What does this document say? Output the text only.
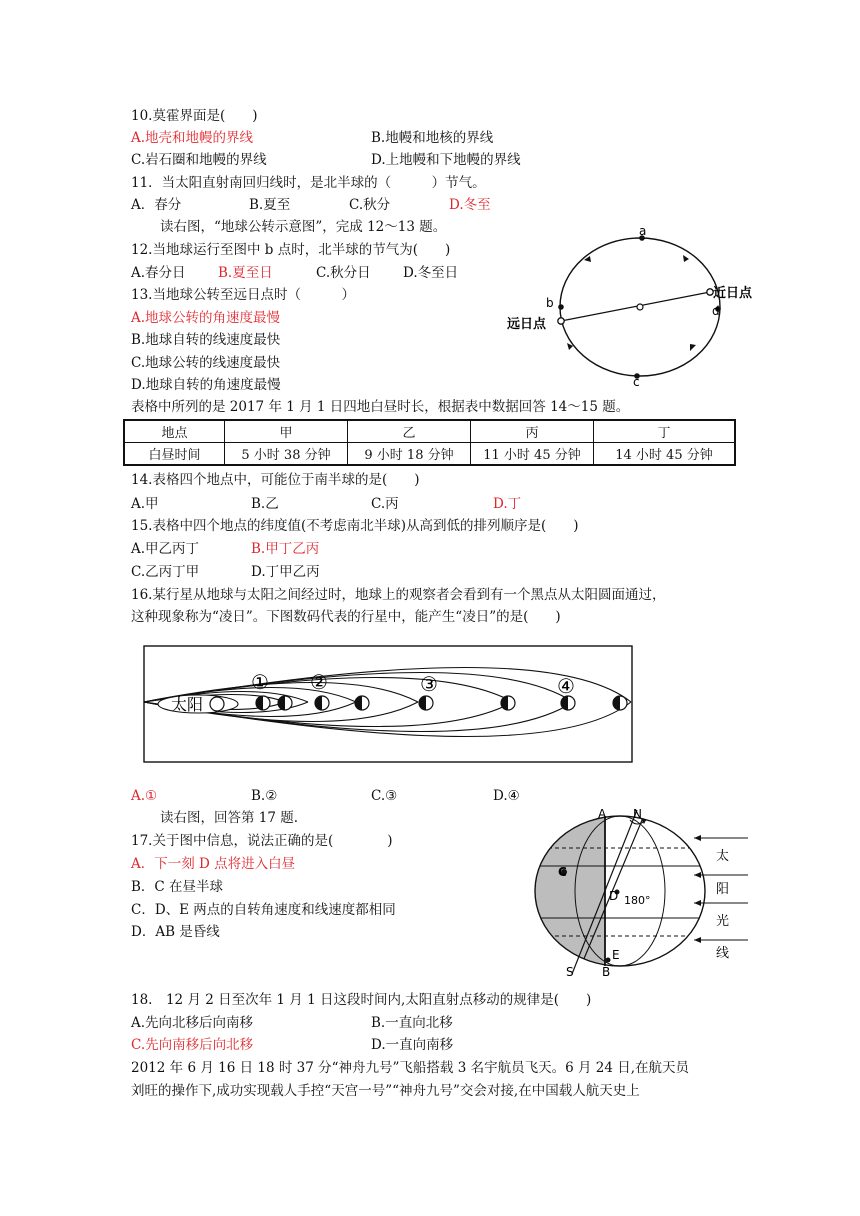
10.莫霍界面是(　　)
A.地壳和地幔的界线	B.地幔和地核的界线
C.岩石圈和地幔的界线	D.上地幔和下地幔的界线
11．当太阳直射南回归线时，是北半球的（　　　）节气。
A．春分	B.夏至	C.秋分	D.冬至
读右图，“地球公转示意图”，完成 12～13 题。
12.当地球运行至图中 b 点时，北半球的节气为(　　)
A.春分日 B.夏至日	C.秋分日 D.冬至日
13.当地球公转至远日点时（　　　）
A.地球公转的角速度最慢
B.地球自转的线速度最快
C.地球公转的线速度最快
D.地球自转的角速度最慢
a
b
d
c
近日点
远日点
表格中所列的是 2017 年 1 月 1 日四地白昼时长，根据表中数据回答 14～15 题。
地点	甲	乙	丙	丁
白昼时间	5 小时 38 分钟	9 小时 18 分钟	11 小时 45 分钟	14 小时 45 分钟
14.表格四个地点中，可能位于南半球的是(　　)
A.甲	B.乙	C.丙	D.丁
15.表格中四个地点的纬度值(不考虑南北半球)从高到低的排列顺序是(　　)
A.甲乙丙丁	B.甲丁乙丙
C.乙丙丁甲	D.丁甲乙丙
16.某行星从地球与太阳之间经过时，地球上的观察者会看到有一个黑点从太阳圆面通过，
这种现象称为“凌日”。下图数码代表的行星中，能产生“凌日”的是(　　)
太阳
① ②	③	④
A.①	B.②	C.③	D.④
读右图，回答第 17 题.
17.关于图中信息，说法正确的是(　　　　)
A．下一刻 D 点将进入白昼
B．C 在昼半球
C．D、E 两点的自转角速度和线速度都相同
D．AB 是昏线
A N
C
D 180°
E
S B
太
阳
光
线
18.　12 月 2 日至次年 1 月 1 日这段时间内,太阳直射点移动的规律是(　　)
A.先向北移后向南移	B.一直向北移
C.先向南移后向北移	D.一直向南移
2012 年 6 月 16 日 18 时 37 分“神舟九号”飞船搭载 3 名宇航员飞天。6 月 24 日,在航天员
刘旺的操作下,成功实现载人手控“天宫一号”“神舟九号”交会对接,在中国载人航天史上
